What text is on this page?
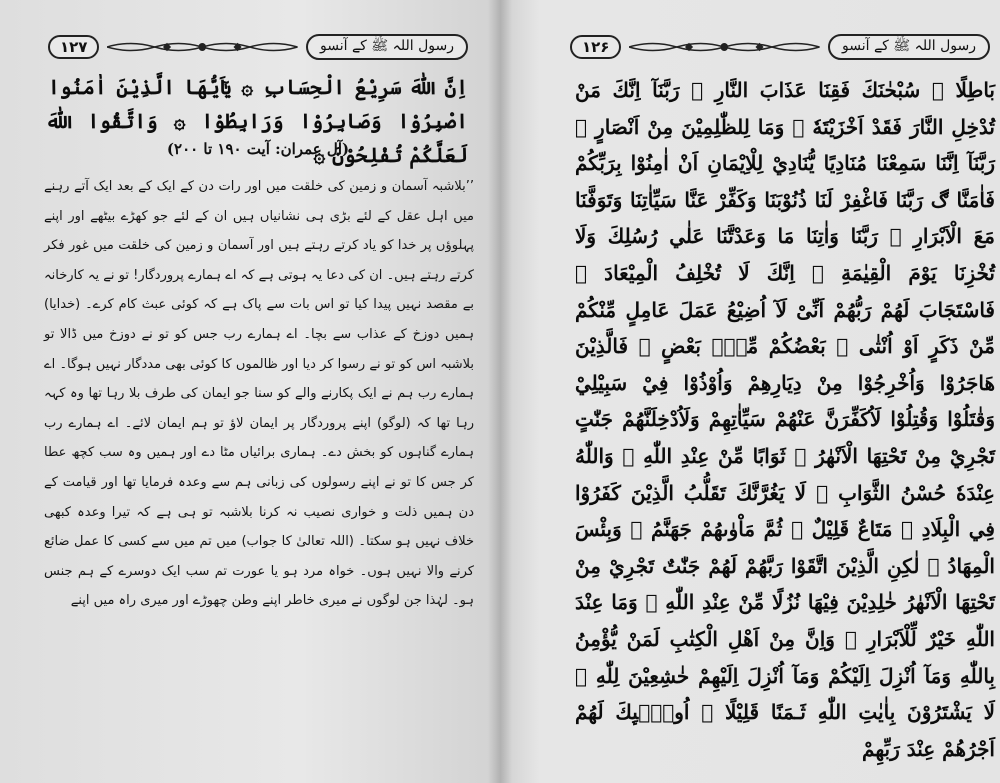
۱۲۷	رسول اللہ ﷺ کے آنسو

اِنَّ اللّٰهَ سَرِيْعُ الْحِسَابِ ۞ يٰٓاَيُّهَا الَّذِيْنَ اٰمَنُوا اصْبِرُوْا وَصَابِرُوْا وَرَابِطُوْا ۞ وَاتَّقُوا اللّٰهَ لَعَلَّكُمْ تُفْلِحُوْنَ ۞

(آل عمران: آیت ۱۹۰ تا ۲۰۰)

’’بلاشبہ آسمان و زمین کی خلقت میں اور رات دن کے ایک کے بعد ایک آتے رہنے میں اہل عقل کے لئے بڑی ہی نشانیاں ہیں ان کے لئے جو کھڑے بیٹھے اور اپنے پہلوؤں پر خدا کو یاد کرتے رہتے ہیں اور آسمان و زمین کی خلقت میں غور فکر کرتے رہتے ہیں۔ ان کی دعا یہ ہوتی ہے کہ اے ہمارے پروردگار! تو نے یہ کارخانہ بے مقصد نہیں پیدا کیا تو اس بات سے پاک ہے کہ کوئی عبث کام کرے۔ (خدایا) ہمیں دوزخ کے عذاب سے بچا۔ اے ہمارے رب جس کو تو نے دوزخ میں ڈالا تو بلاشبہ اس کو تو نے رسوا کر دیا اور ظالموں کا کوئی بھی مددگار نہیں ہوگا۔ اے ہمارے رب ہم نے ایک پکارنے والے کو سنا جو ایمان کی طرف بلا رہا تھا وہ کہہ رہا تھا کہ (لوگو) اپنے پروردگار پر ایمان لاؤ تو ہم ایمان لائے۔ اے ہمارے رب ہمارے گناہوں کو بخش دے۔ ہماری برائیاں مٹا دے اور ہمیں وہ سب کچھ عطا کر جس کا تو نے اپنے رسولوں کی زبانی ہم سے وعدہ فرمایا تھا اور قیامت کے دن ہمیں ذلت و خواری نصیب نہ کرنا بلاشبہ تو ہی ہے کہ تیرا وعدہ کبھی خلاف نہیں ہو سکتا۔ (اللہ تعالیٰ کا جواب) میں تم میں سے کسی کا عمل ضائع کرنے والا نہیں ہوں۔ خواہ مرد ہو یا عورت تم سب ایک دوسرے کے ہم جنس ہو۔ لہٰذا جن لوگوں نے میری خاطر اپنے وطن چھوڑے اور میری راہ میں اپنے

۱۲۶	رسول اللہ ﷺ کے آنسو

بَاطِلًا ۚ سُبْحٰنَكَ فَقِنَا عَذَابَ النَّارِ ۞ رَبَّنَآ اِنَّكَ مَنْ تُدْخِلِ النَّارَ فَقَدْ اَخْزَيْتَهٗ ۭ وَمَا لِلظّٰلِمِيْنَ مِنْ اَنْصَارٍ ۞ رَبَّنَآ اِنَّنَا سَمِعْنَا مُنَادِيًا يُّنَادِيْ لِلْاِيْمَانِ اَنْ اٰمِنُوْا بِرَبِّكُمْ فَاٰمَنَّا ڰ رَبَّنَا فَاغْفِرْ لَنَا ذُنُوْبَنَا وَكَفِّرْ عَنَّا سَيِّاٰتِنَا وَتَوَفَّنَا مَعَ الْاَبْرَارِ ۞ رَبَّنَا وَاٰتِنَا مَا وَعَدْتَّنَا عَلٰي رُسُلِكَ وَلَا تُخْزِنَا يَوْمَ الْقِيٰمَةِ ۭ اِنَّكَ لَا تُخْلِفُ الْمِيْعَادَ ۞ فَاسْتَجَابَ لَھُمْ رَبُّھُمْ اَنِّىْ لَآ اُضِيْعُ عَمَلَ عَامِلٍ مِّنْكُمْ مِّنْ ذَكَرٍ اَوْ اُنْثٰى ۚ بَعْضُكُمْ مِّنْۢ بَعْضٍ ۚ فَالَّذِيْنَ ھَاجَرُوْا وَاُخْرِجُوْا مِنْ دِيَارِھِمْ وَاُوْذُوْا فِيْ سَبِيْلِيْ وَقٰتَلُوْا وَقُتِلُوْا لَاُكَفِّرَنَّ عَنْھُمْ سَيِّاٰتِھِمْ وَلَاُدْخِلَنَّھُمْ جَنّٰتٍ تَجْرِيْ مِنْ تَحْتِهَا الْاَنْھٰرُ ۚ ثَوَابًا مِّنْ عِنْدِ اللّٰهِ ۭ وَاللّٰهُ عِنْدَهٗ حُسْنُ الثَّوَابِ ۞ لَا يَغُرَّنَّكَ تَقَلُّبُ الَّذِيْنَ كَفَرُوْا فِي الْبِلَادِ ۞ مَتَاعٌ قَلِيْلٌ ۣ ثُمَّ مَاْوٰىھُمْ جَهَنَّمُ ۭ وَبِئْسَ الْمِهَادُ ۞ لٰكِنِ الَّذِيْنَ اتَّقَوْا رَبَّھُمْ لَھُمْ جَنّٰتٌ تَجْرِيْ مِنْ تَحْتِهَا الْاَنْھٰرُ خٰلِدِيْنَ فِيْهَا نُزُلًا مِّنْ عِنْدِ اللّٰهِ ۭ وَمَا عِنْدَ اللّٰهِ خَيْرٌ لِّلْاَبْرَارِ ۞ وَاِنَّ مِنْ اَھْلِ الْكِتٰبِ لَمَنْ يُّؤْمِنُ بِاللّٰهِ وَمَآ اُنْزِلَ اِلَيْكُمْ وَمَآ اُنْزِلَ اِلَيْهِمْ خٰشِعِيْنَ لِلّٰهِ ۙ لَا يَشْتَرُوْنَ بِاٰيٰتِ اللّٰهِ ثَـمَنًا قَلِيْلًا ۭ اُولٰۗىِٕكَ لَھُمْ اَجْرُھُمْ عِنْدَ رَبِّهِمْ
